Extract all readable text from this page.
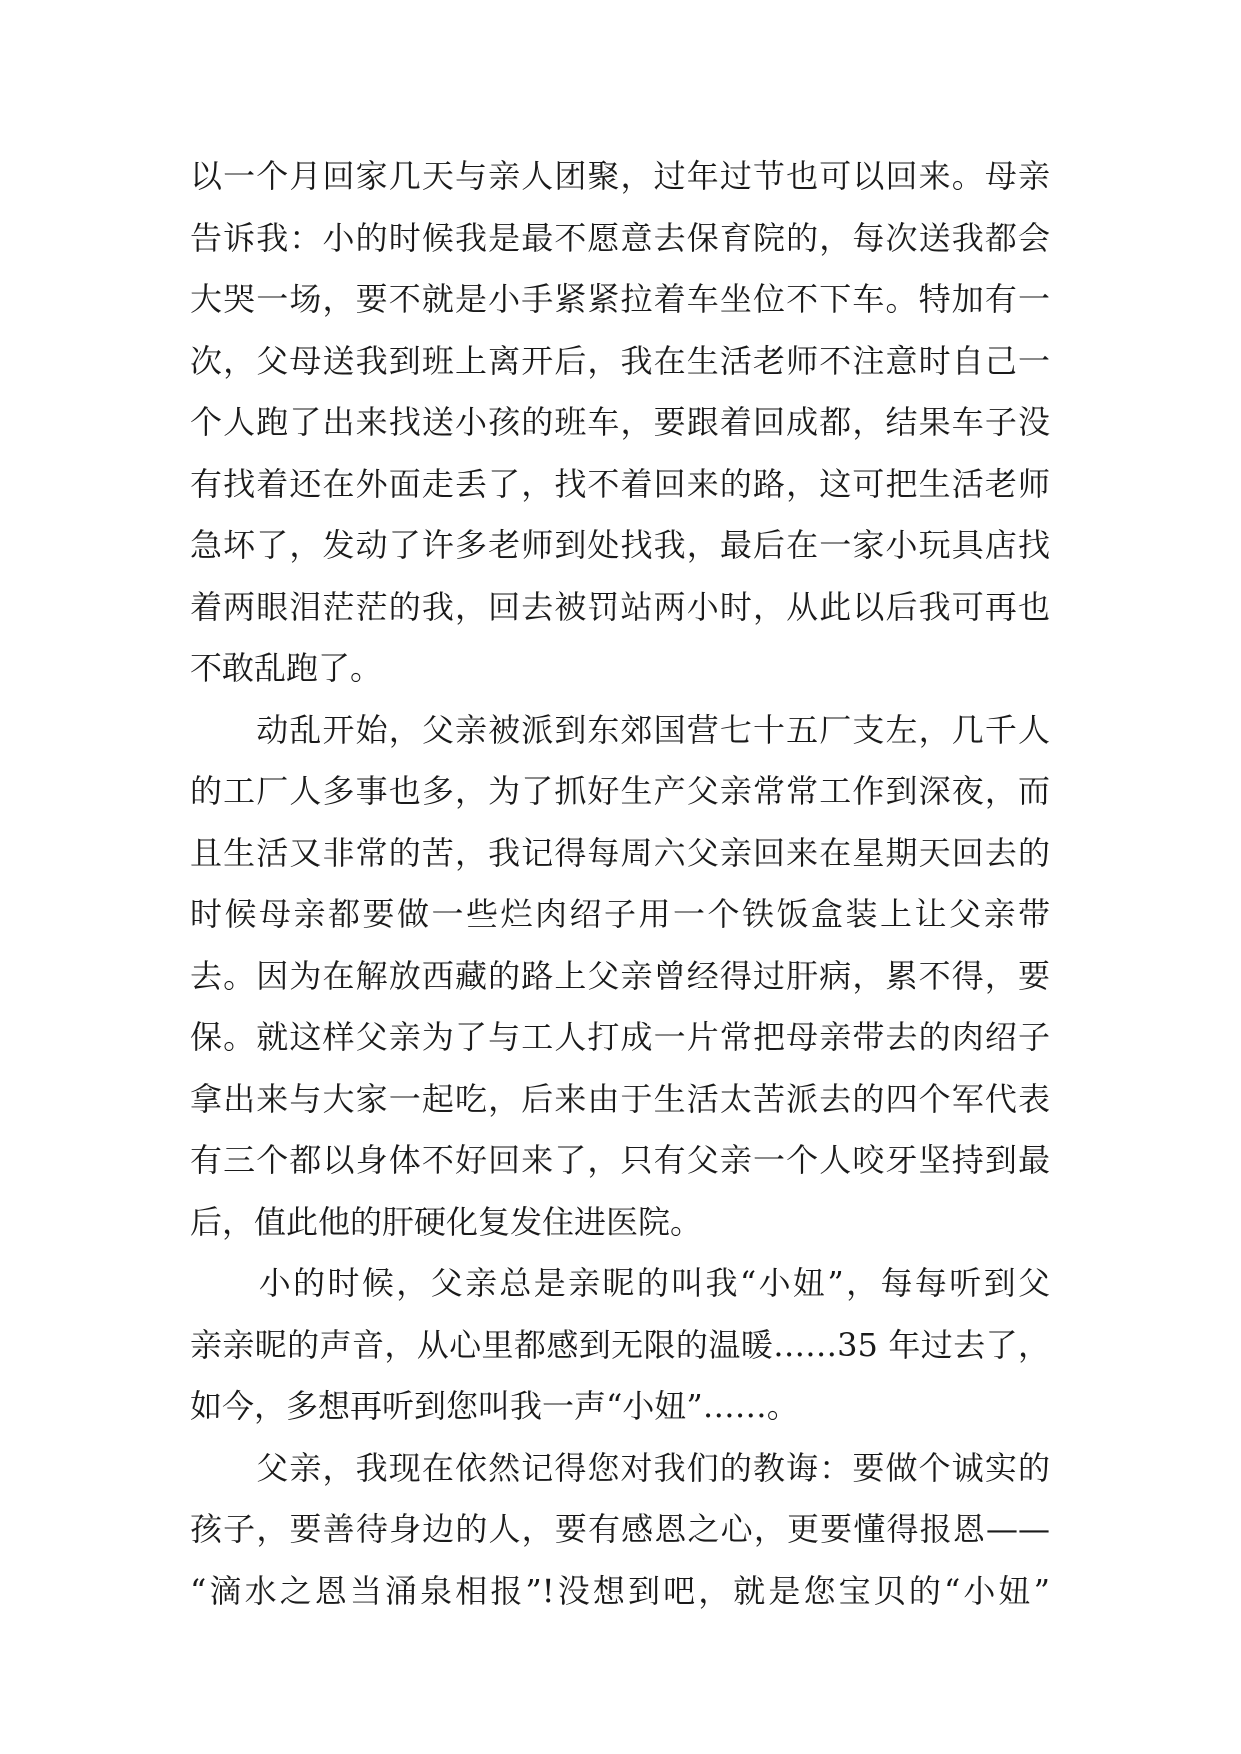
以一个月回家几天与亲人团聚，过年过节也可以回来。母亲
告诉我：小的时候我是最不愿意去保育院的，每次送我都会
大哭一场，要不就是小手紧紧拉着车坐位不下车。特加有一
次，父母送我到班上离开后，我在生活老师不注意时自己一
个人跑了出来找送小孩的班车，要跟着回成都，结果车子没
有找着还在外面走丢了，找不着回来的路，这可把生活老师
急坏了，发动了许多老师到处找我，最后在一家小玩具店找
着两眼泪茫茫的我，回去被罚站两小时，从此以后我可再也
不敢乱跑了。
　　动乱开始，父亲被派到东郊国营七十五厂支左，几千人
的工厂人多事也多，为了抓好生产父亲常常工作到深夜，而
且生活又非常的苦，我记得每周六父亲回来在星期天回去的
时候母亲都要做一些烂肉绍子用一个铁饭盒装上让父亲带
去。因为在解放西藏的路上父亲曾经得过肝病，累不得，要
保。就这样父亲为了与工人打成一片常把母亲带去的肉绍子
拿出来与大家一起吃，后来由于生活太苦派去的四个军代表
有三个都以身体不好回来了，只有父亲一个人咬牙坚持到最
后，值此他的肝硬化复发住进医院。
　　小的时候，父亲总是亲昵的叫我“小妞”，每每听到父
亲亲昵的声音，从心里都感到无限的温暖……35 年过去了，
如今，多想再听到您叫我一声“小妞”……。
　　父亲，我现在依然记得您对我们的教诲：要做个诚实的
孩子，要善待身边的人，要有感恩之心，更要懂得报恩——
“滴水之恩当涌泉相报”!没想到吧，就是您宝贝的“小妞”
